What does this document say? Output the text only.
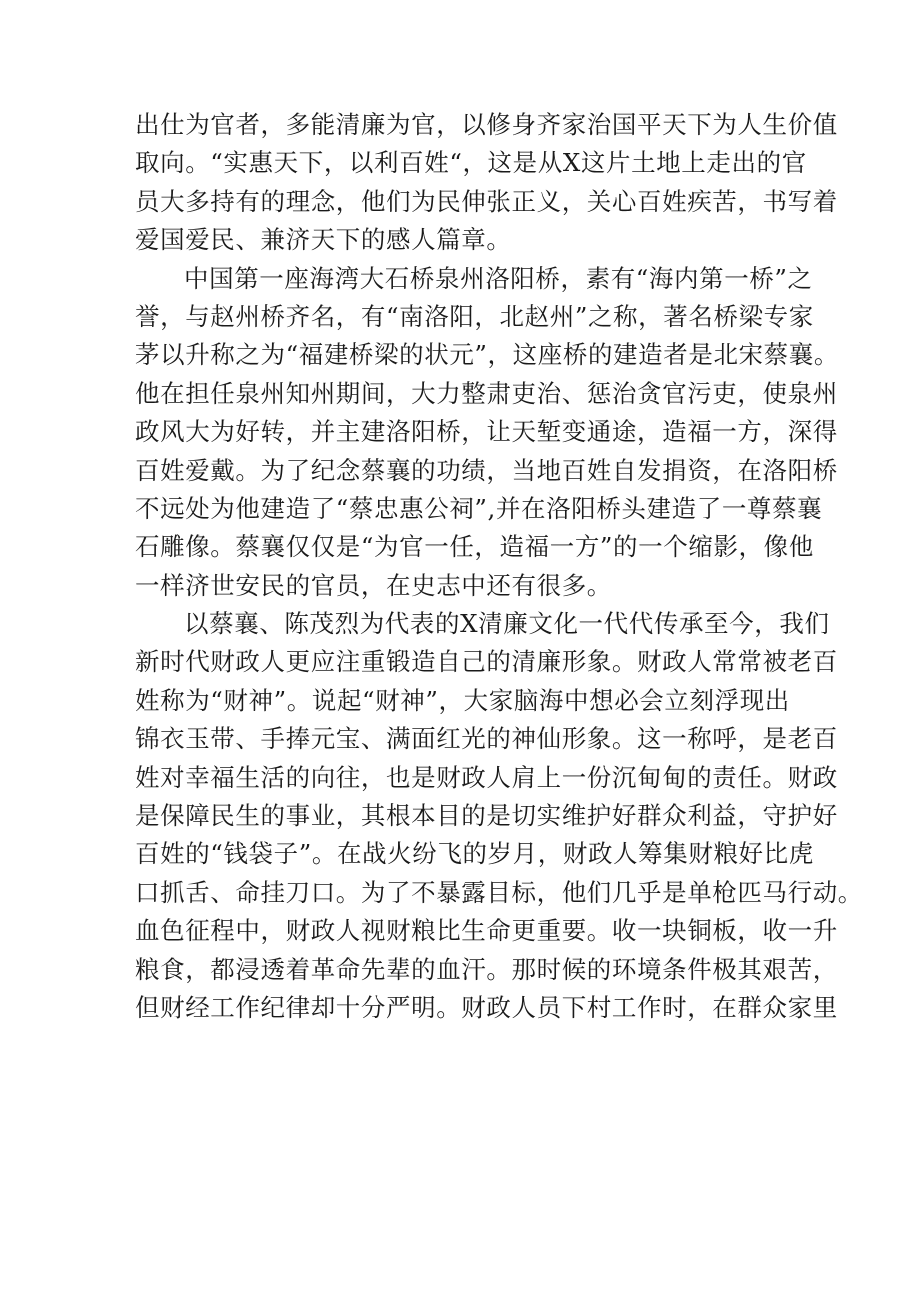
出仕为官者，多能清廉为官，以修身齐家治国平天下为人生价值
取向。“实惠天下，以利百姓“，这是从X这片土地上走出的官
员大多持有的理念，他们为民伸张正义，关心百姓疾苦，书写着
爱国爱民、兼济天下的感人篇章。
中国第一座海湾大石桥泉州洛阳桥，素有“海内第一桥”之
誉，与赵州桥齐名，有“南洛阳，北赵州”之称，著名桥梁专家
茅以升称之为“福建桥梁的状元”，这座桥的建造者是北宋蔡襄。
他在担任泉州知州期间，大力整肃吏治、惩治贪官污吏，使泉州
政风大为好转，并主建洛阳桥，让天堑变通途，造福一方，深得
百姓爱戴。为了纪念蔡襄的功绩，当地百姓自发捐资，在洛阳桥
不远处为他建造了“蔡忠惠公祠”,并在洛阳桥头建造了一尊蔡襄
石雕像。蔡襄仅仅是“为官一任，造福一方”的一个缩影，像他
一样济世安民的官员，在史志中还有很多。
以蔡襄、陈茂烈为代表的X清廉文化一代代传承至今，我们
新时代财政人更应注重锻造自己的清廉形象。财政人常常被老百
姓称为“财神”。说起“财神”，大家脑海中想必会立刻浮现出
锦衣玉带、手捧元宝、满面红光的神仙形象。这一称呼，是老百
姓对幸福生活的向往，也是财政人肩上一份沉甸甸的责任。财政
是保障民生的事业，其根本目的是切实维护好群众利益，守护好
百姓的“钱袋子”。在战火纷飞的岁月，财政人筹集财粮好比虎
口抓舌、命挂刀口。为了不暴露目标，他们几乎是单枪匹马行动。
血色征程中，财政人视财粮比生命更重要。收一块铜板，收一升
粮食，都浸透着革命先辈的血汗。那时候的环境条件极其艰苦，
但财经工作纪律却十分严明。财政人员下村工作时，在群众家里
